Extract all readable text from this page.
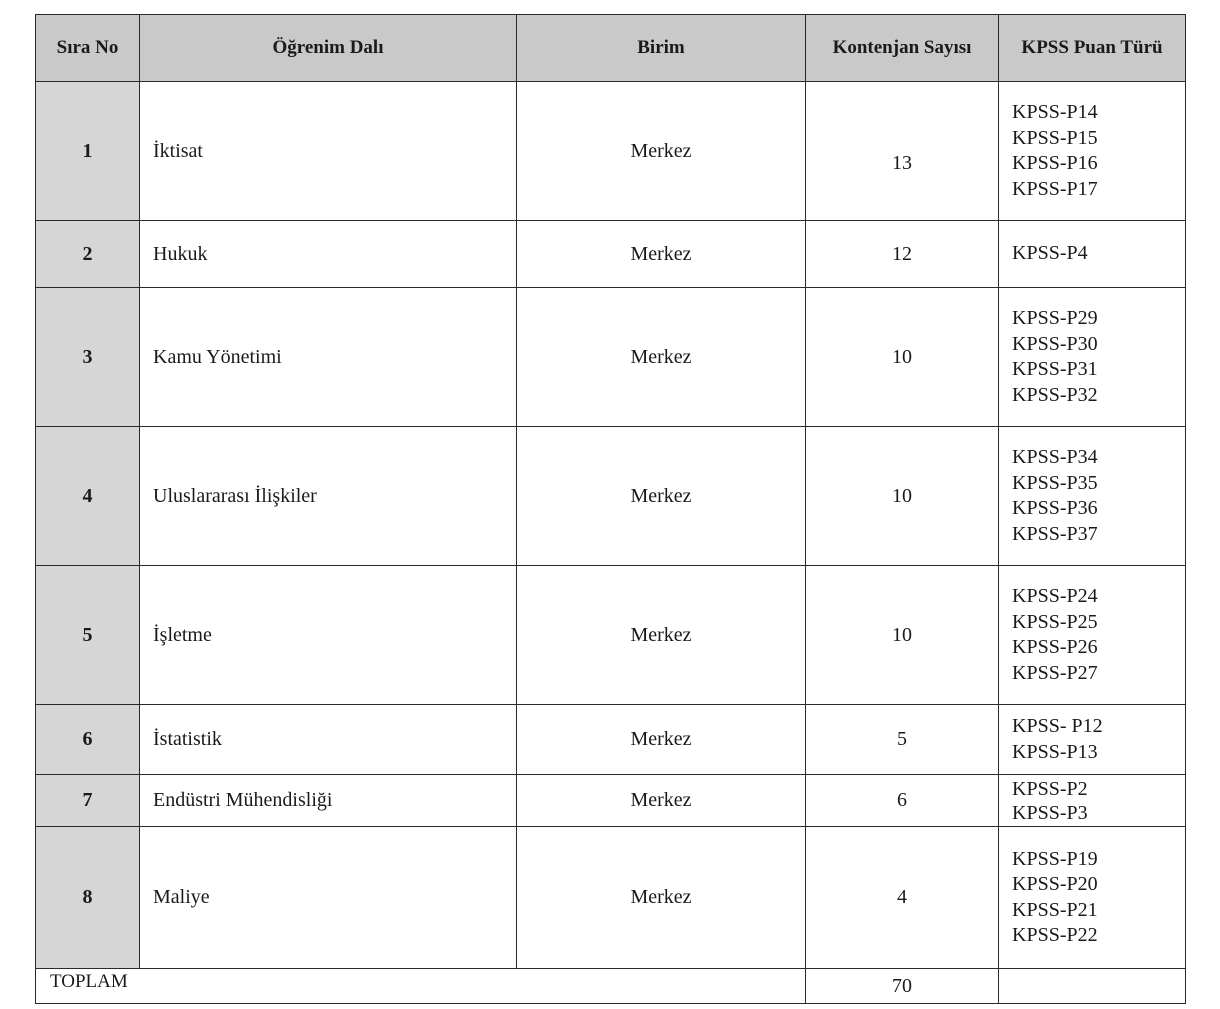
Sıra No	Öğrenim Dalı	Birim	Kontenjan Sayısı	KPSS Puan Türü
1	İktisat	Merkez	13	KPSS-P14
KPSS-P15
KPSS-P16
KPSS-P17

2	Hukuk	Merkez	12	KPSS-P4

3	Kamu Yönetimi	Merkez	10	KPSS-P29
KPSS-P30
KPSS-P31
KPSS-P32

4	Uluslararası İlişkiler	Merkez	10	KPSS-P34
KPSS-P35
KPSS-P36
KPSS-P37

5	İşletme	Merkez	10	KPSS-P24
KPSS-P25
KPSS-P26
KPSS-P27

6	İstatistik	Merkez	5	KPSS- P12
KPSS-P13

7	Endüstri Mühendisliği	Merkez	6	KPSS-P2
KPSS-P3

8	Maliye	Merkez	4	KPSS-P19
KPSS-P20
KPSS-P21
KPSS-P22

TOPLAM			70	
